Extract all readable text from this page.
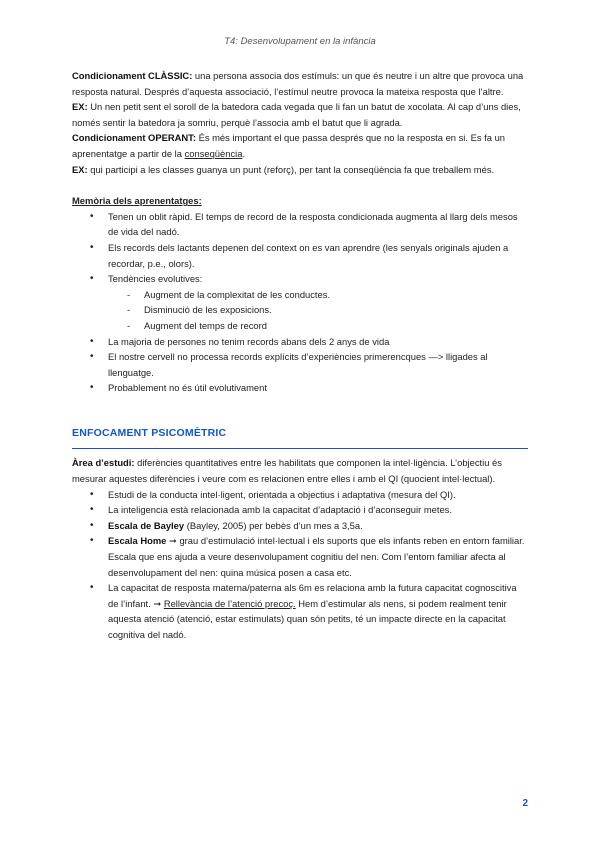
T4: Desenvolupament en la infància

Condicionament CLÀSSIC: una persona associa dos estímuls: un que és neutre i un altre que provoca una resposta natural. Després d’aquesta associació, l’estímul neutre provoca la mateixa resposta que l’altre.

EX: Un nen petit sent el soroll de la batedora cada vegada que li fan un batut de xocolata. Al cap d’uns dies, només sentir la batedora ja somriu, perquè l’associa amb el batut que li agrada.

Condicionament OPERANT: És més important el que passa després que no la resposta en si. Es fa un aprenentatge a partir de la conseqüència.

EX: qui participi a les classes guanya un punt (reforç), per tant la conseqüència fa que treballem més.

Memòria dels aprenentatges:

• Tenen un oblit ràpid. El temps de record de la resposta condicionada augmenta al llarg dels mesos de vida del nadó.
• Els records dels lactants depenen del context on es van aprendre (les senyals originals ajuden a recordar, p.e., olors).
• Tendències evolutives:
- Augment de la complexitat de les conductes.
- Disminució de les exposicions.
- Augment del temps de record
• La majoria de persones no tenim records abans dels 2 anys de vida
• El nostre cervell no processa records explícits d’experiències primerencques —> lligades al llenguatge.
• Probablement no és útil evolutivament
ENFOCAMENT PSICOMÈTRIC

Àrea d’estudi: diferències quantitatives entre les habilitats que componen la intel·ligència. L’objectiu és mesurar aquestes diferències i veure com es relacionen entre elles i amb el QI (quocient intel·lectual).

• Estudi de la conducta intel·ligent, orientada a objectius i adaptativa (mesura del QI).
• La inteligencia està relacionada amb la capacitat d’adaptació i d’aconseguir metes.
• Escala de Bayley (Bayley, 2005) per bebès d’un mes a 3,5a.
• Escala Home ➞ grau d’estimulació intel·lectual i els suports que els infants reben en entorn familiar. Escala que ens ajuda a veure desenvolupament cognitiu del nen. Com l’entorn familiar afecta al desenvolupament del nen: quina música posen a casa etc.
• La capacitat de resposta materna/paterna als 6m es relaciona amb la futura capacitat cognoscitiva de l’infant. ➞ Rellevància de l’atenció precoç. Hem d’estimular als nens, si podem realment tenir aquesta atenció (atenció, estar estimulats) quan són petits, té un impacte directe en la capacitat cognitiva del nadó.
2
